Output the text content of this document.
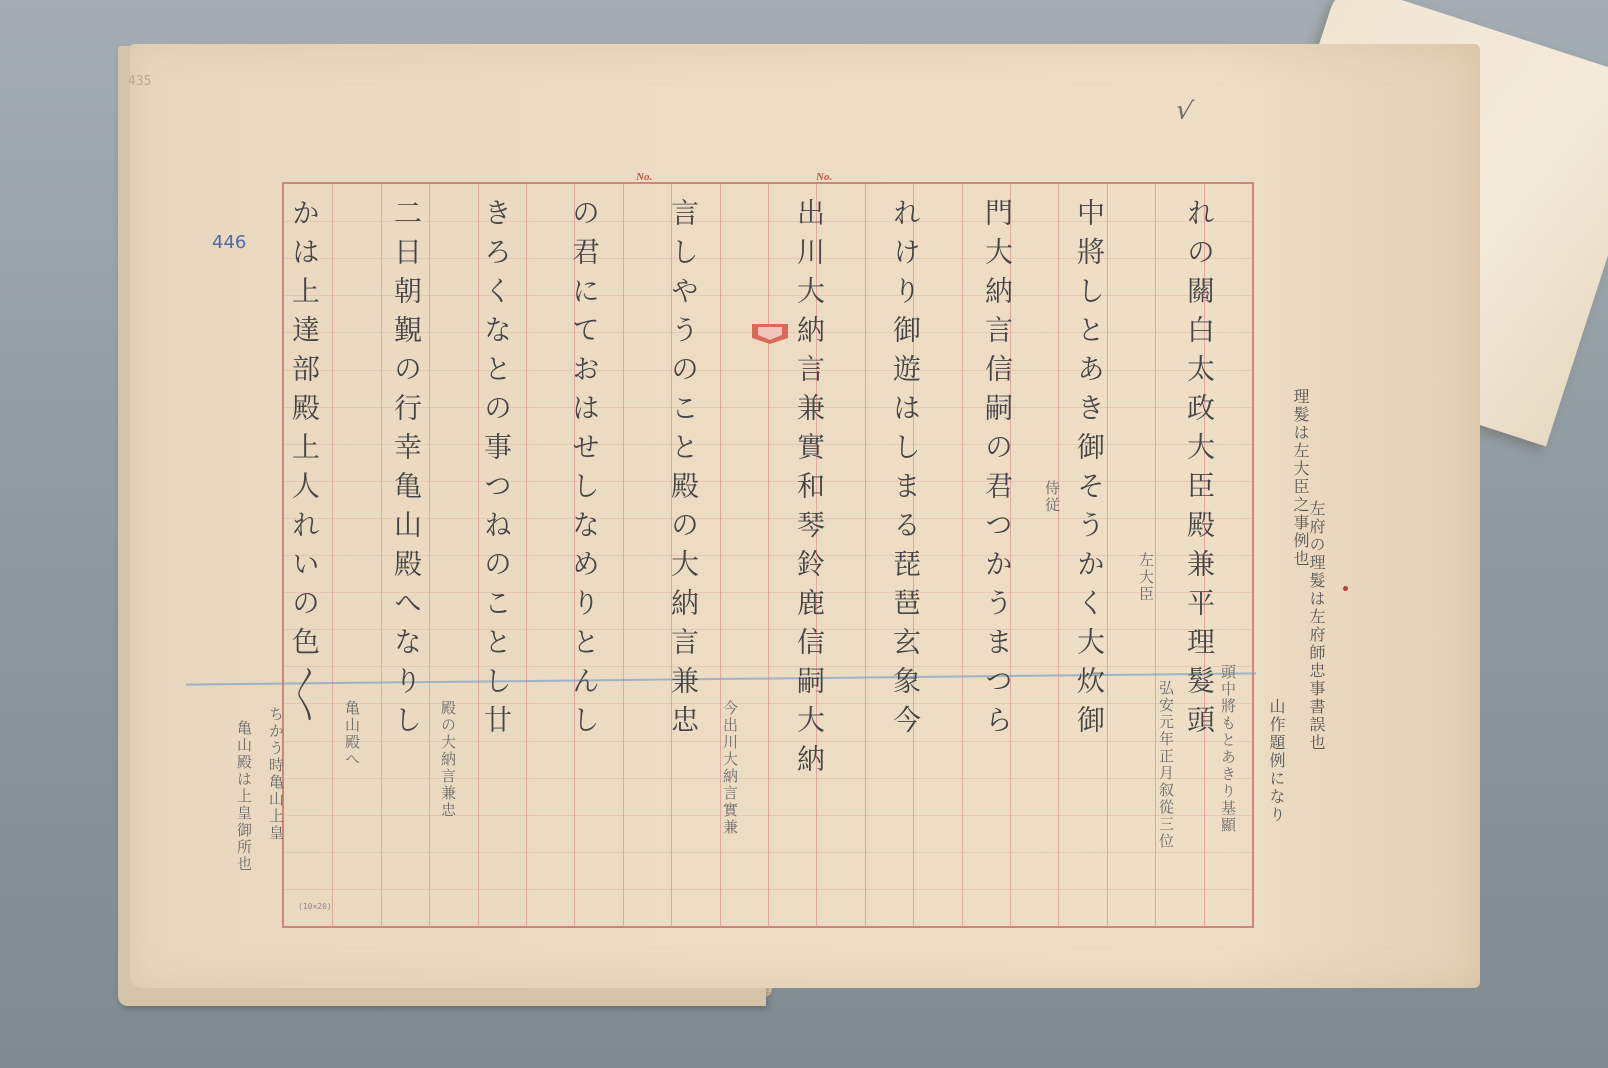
435
446
No.	No.
√
(10×20)
れの關白太政大臣殿兼平理髮頭
中將しとあき御そうかく大炊御
門大納言信嗣の君つかうまつら
れけり御遊はしまる琵琶玄象今
出川大納言兼實和琴鈴鹿信嗣大納
言しやうのこと殿の大納言兼忠
の君にておはせしなめりとんし
きろくなとの事つねのことし廿
二日朝覲の行幸亀山殿へなりし
かは上達部殿上人れいの色〳〵	理髮は左大臣之事例也
左府の理髮は左府師忠事書誤也
山作題例になり
頭中將もとあきり基顯
弘安元年正月叙從三位
左大臣
侍従
今出川大納言實兼
殿の大納言兼忠
亀山殿へ
ちかう時亀山上皇
亀山殿は上皇御所也
